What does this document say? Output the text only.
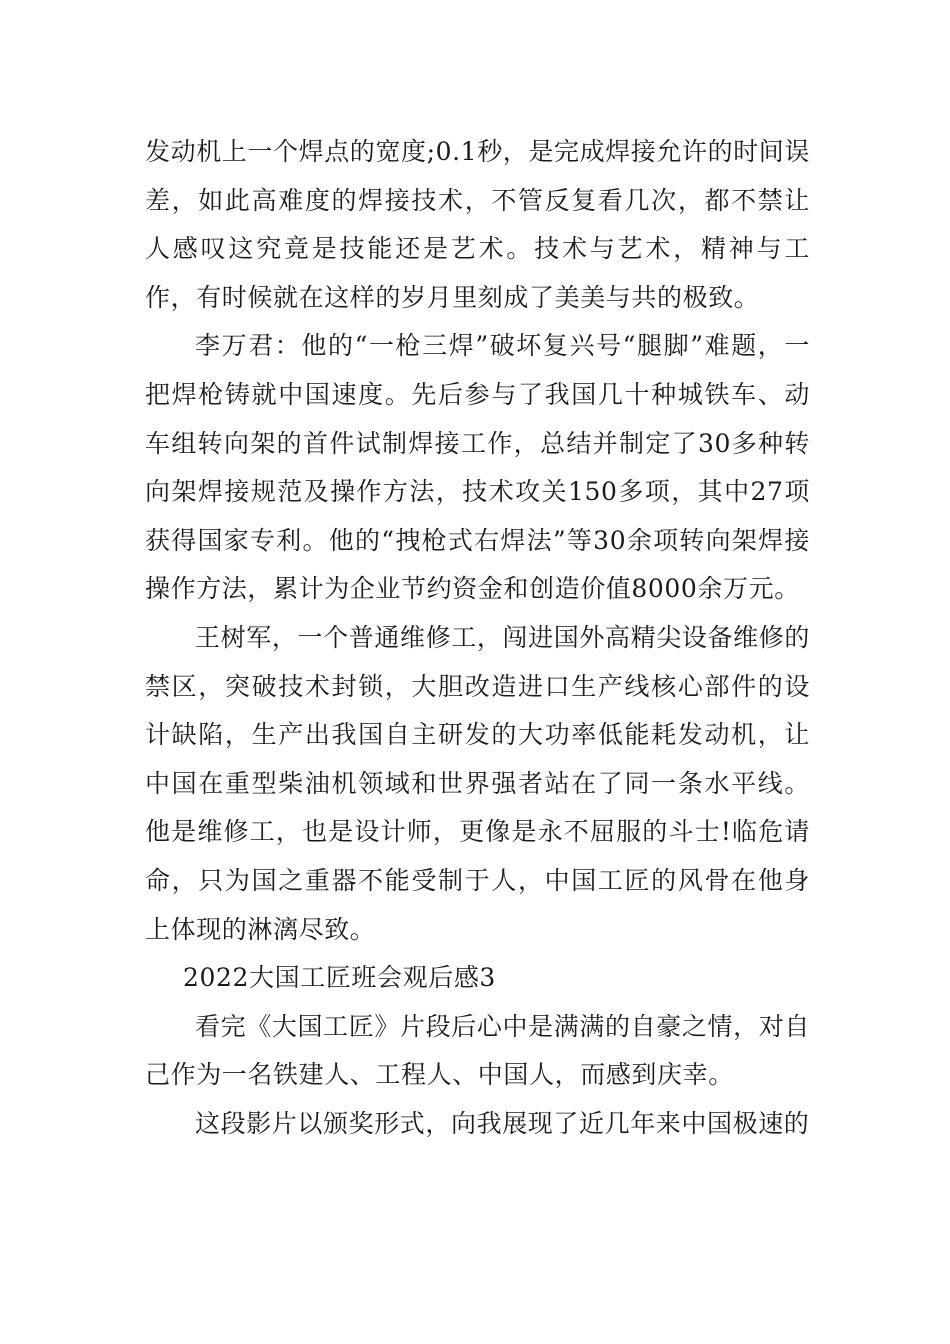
发动机上一个焊点的宽度;0.1秒，是完成焊接允许的时间误差，如此高难度的焊接技术，不管反复看几次，都不禁让人感叹这究竟是技能还是艺术。技术与艺术，精神与工作，有时候就在这样的岁月里刻成了美美与共的极致。

李万君：他的“一枪三焊”破坏复兴号“腿脚”难题，一把焊枪铸就中国速度。先后参与了我国几十种城铁车、动车组转向架的首件试制焊接工作，总结并制定了30多种转向架焊接规范及操作方法，技术攻关150多项，其中27项获得国家专利。他的“拽枪式右焊法”等30余项转向架焊接操作方法，累计为企业节约资金和创造价值8000余万元。

王树军，一个普通维修工，闯进国外高精尖设备维修的禁区，突破技术封锁，大胆改造进口生产线核心部件的设计缺陷，生产出我国自主研发的大功率低能耗发动机，让中国在重型柴油机领域和世界强者站在了同一条水平线。他是维修工，也是设计师，更像是永不屈服的斗士!临危请命，只为国之重器不能受制于人，中国工匠的风骨在他身上体现的淋漓尽致。

2022大国工匠班会观后感3

看完《大国工匠》片段后心中是满满的自豪之情，对自己作为一名铁建人、工程人、中国人，而感到庆幸。

这段影片以颁奖形式，向我展现了近几年来中国极速的
